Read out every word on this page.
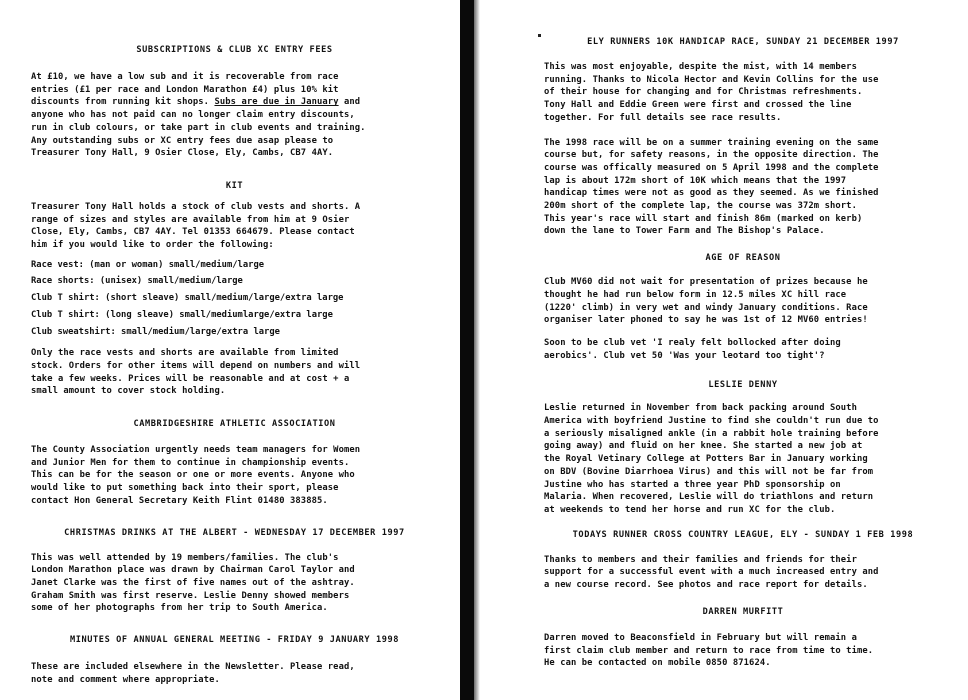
SUBSCRIPTIONS & CLUB XC ENTRY FEES

At £10, we have a low sub and it is recoverable from race
entries (£1 per race and London Marathon £4) plus 10% kit
discounts from running kit shops. Subs are due in January and
anyone who has not paid can no longer claim entry discounts,
run in club colours, or take part in club events and training.
Any outstanding subs or XC entry fees due asap please to
Treasurer Tony Hall, 9 Osier Close, Ely, Cambs, CB7 4AY.

KIT

Treasurer Tony Hall holds a stock of club vests and shorts. A
range of sizes and styles are available from him at 9 Osier
Close, Ely, Cambs, CB7 4AY. Tel 01353 664679. Please contact
him if you would like to order the following:

Race vest: (man or woman) small/medium/large
Race shorts: (unisex) small/medium/large
Club T shirt: (short sleave) small/medium/large/extra large
Club T shirt: (long sleave) small/mediumlarge/extra large
Club sweatshirt: small/medium/large/extra large

Only the race vests and shorts are available from limited
stock. Orders for other items will depend on numbers and will
take a few weeks. Prices will be reasonable and at cost + a
small amount to cover stock holding.

CAMBRIDGESHIRE ATHLETIC ASSOCIATION

The County Association urgently needs team managers for Women
and Junior Men for them to continue in championship events.
This can be for the season or one or more events. Anyone who
would like to put something back into their sport, please
contact Hon General Secretary Keith Flint 01480 383885.

CHRISTMAS DRINKS AT THE ALBERT - WEDNESDAY 17 DECEMBER 1997

This was well attended by 19 members/families. The club's
London Marathon place was drawn by Chairman Carol Taylor and
Janet Clarke was the first of five names out of the ashtray.
Graham Smith was first reserve. Leslie Denny showed members
some of her photographs from her trip to South America.

MINUTES OF ANNUAL GENERAL MEETING - FRIDAY 9 JANUARY 1998

These are included elsewhere in the Newsletter. Please read,
note and comment where appropriate.

ELY RUNNERS 10K HANDICAP RACE, SUNDAY 21 DECEMBER 1997

This was most enjoyable, despite the mist, with 14 members
running. Thanks to Nicola Hector and Kevin Collins for the use
of their house for changing and for Christmas refreshments.
Tony Hall and Eddie Green were first and crossed the line
together. For full details see race results.

The 1998 race will be on a summer training evening on the same
course but, for safety reasons, in the opposite direction. The
course was offically measured on 5 April 1998 and the complete
lap is about 172m short of 10K which means that the 1997
handicap times were not as good as they seemed. As we finished
200m short of the complete lap, the course was 372m short.
This year's race will start and finish 86m (marked on kerb)
down the lane to Tower Farm and The Bishop's Palace.

AGE OF REASON

Club MV60 did not wait for presentation of prizes because he
thought he had run below form in 12.5 miles XC hill race
(1220' climb) in very wet and windy January conditions. Race
organiser later phoned to say he was 1st of 12 MV60 entries!

Soon to be club vet 'I realy felt bollocked after doing
aerobics'. Club vet 50 'Was your leotard too tight'?

LESLIE DENNY

Leslie returned in November from back packing around South
America with boyfriend Justine to find she couldn't run due to
a seriously misaligned ankle (in a rabbit hole training before
going away) and fluid on her knee. She started a new job at
the Royal Vetinary College at Potters Bar in January working
on BDV (Bovine Diarrhoea Virus) and this will not be far from
Justine who has started a three year PhD sponsorship on
Malaria. When recovered, Leslie will do triathlons and return
at weekends to tend her horse and run XC for the club.

TODAYS RUNNER CROSS COUNTRY LEAGUE, ELY - SUNDAY 1 FEB 1998

Thanks to members and their families and friends for their
support for a successful event with a much increased entry and
a new course record. See photos and race report for details.

DARREN MURFITT

Darren moved to Beaconsfield in February but will remain a
first claim club member and return to race from time to time.
He can be contacted on mobile 0850 871624.
